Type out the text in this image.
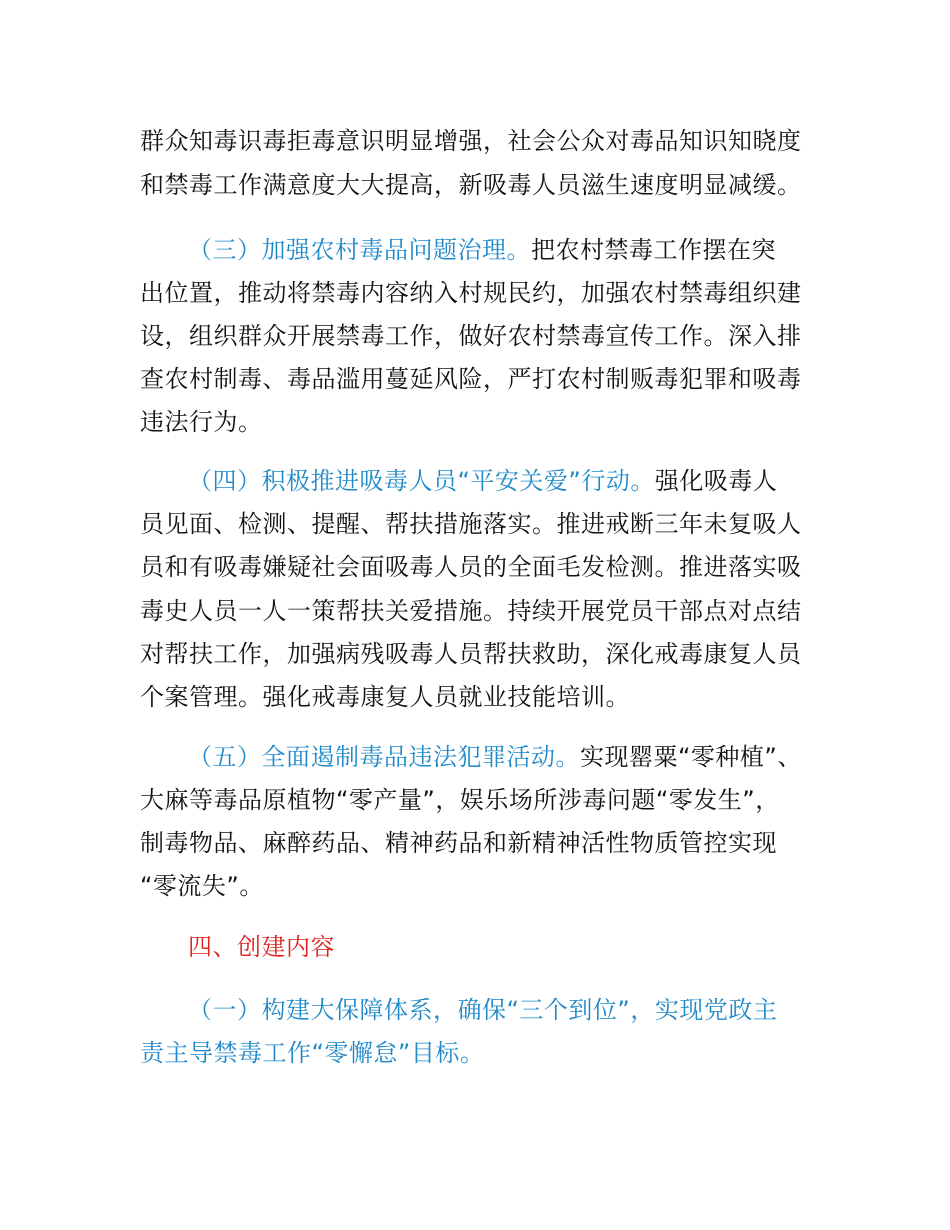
群众知毒识毒拒毒意识明显增强，社会公众对毒品知识知晓度
和禁毒工作满意度大大提高，新吸毒人员滋生速度明显减缓。
（三）加强农村毒品问题治理。把农村禁毒工作摆在突
出位置，推动将禁毒内容纳入村规民约，加强农村禁毒组织建
设，组织群众开展禁毒工作，做好农村禁毒宣传工作。深入排
查农村制毒、毒品滥用蔓延风险，严打农村制贩毒犯罪和吸毒
违法行为。
（四）积极推进吸毒人员“平安关爱”行动。强化吸毒人
员见面、检测、提醒、帮扶措施落实。推进戒断三年未复吸人
员和有吸毒嫌疑社会面吸毒人员的全面毛发检测。推进落实吸
毒史人员一人一策帮扶关爱措施。持续开展党员干部点对点结
对帮扶工作，加强病残吸毒人员帮扶救助，深化戒毒康复人员
个案管理。强化戒毒康复人员就业技能培训。
（五）全面遏制毒品违法犯罪活动。实现罂粟“零种植”、
大麻等毒品原植物“零产量”，娱乐场所涉毒问题“零发生”，
制毒物品、麻醉药品、精神药品和新精神活性物质管控实现
“零流失”。
四、创建内容
（一）构建大保障体系，确保“三个到位”，实现党政主
责主导禁毒工作“零懈怠”目标。
